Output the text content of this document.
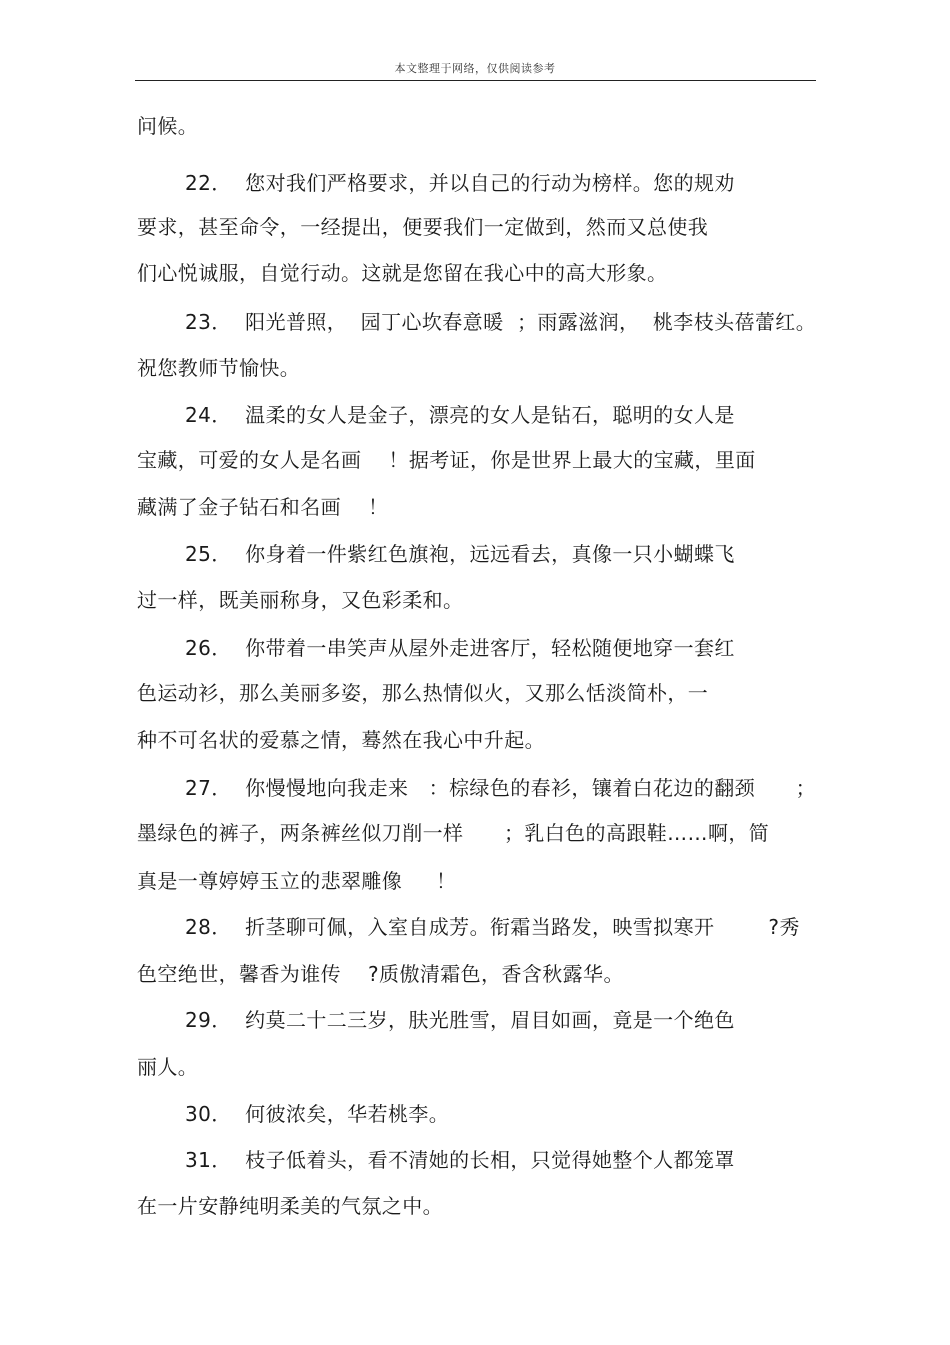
本文整理于网络，仅供阅读参考
问候。
22．  您对我们严格要求，并以自己的行动为榜样。您的规劝
要求，甚至命令，一经提出，便要我们一定做到，然而又总使我
们心悦诚服，自觉行动。这就是您留在我心中的高大形象。
23．  阳光普照，  园丁心坎春意暖  ；雨露滋润，  桃李枝头蓓蕾红。
祝您教师节愉快。
24．  温柔的女人是金子，漂亮的女人是钻石，聪明的女人是
宝藏，可爱的女人是名画    ！据考证，你是世界上最大的宝藏，里面
藏满了金子钻石和名画    ！
25．  你身着一件紫红色旗袍，远远看去，真像一只小蝴蝶飞
过一样，既美丽称身，又色彩柔和。
26．  你带着一串笑声从屋外走进客厅，轻松随便地穿一套红
色运动衫，那么美丽多姿，那么热情似火，又那么恬淡简朴，一
种不可名状的爱慕之情，蓦然在我心中升起。
27．  你慢慢地向我走来   ：棕绿色的春衫，镶着白花边的翻颈      ；
墨绿色的裤子，两条裤丝似刀削一样      ；乳白色的高跟鞋……啊，简
真是一尊婷婷玉立的悲翠雕像     ！
28．  折茎聊可佩，入室自成芳。衔霜当路发，映雪拟寒开        ?秀
色空绝世，馨香为谁传    ?质傲清霜色，香含秋露华。
29．  约莫二十二三岁，肤光胜雪，眉目如画，竟是一个绝色
丽人。
30．  何彼浓矣，华若桃李。
31．  枝子低着头，看不清她的长相，只觉得她整个人都笼罩
在一片安静纯明柔美的气氛之中。
